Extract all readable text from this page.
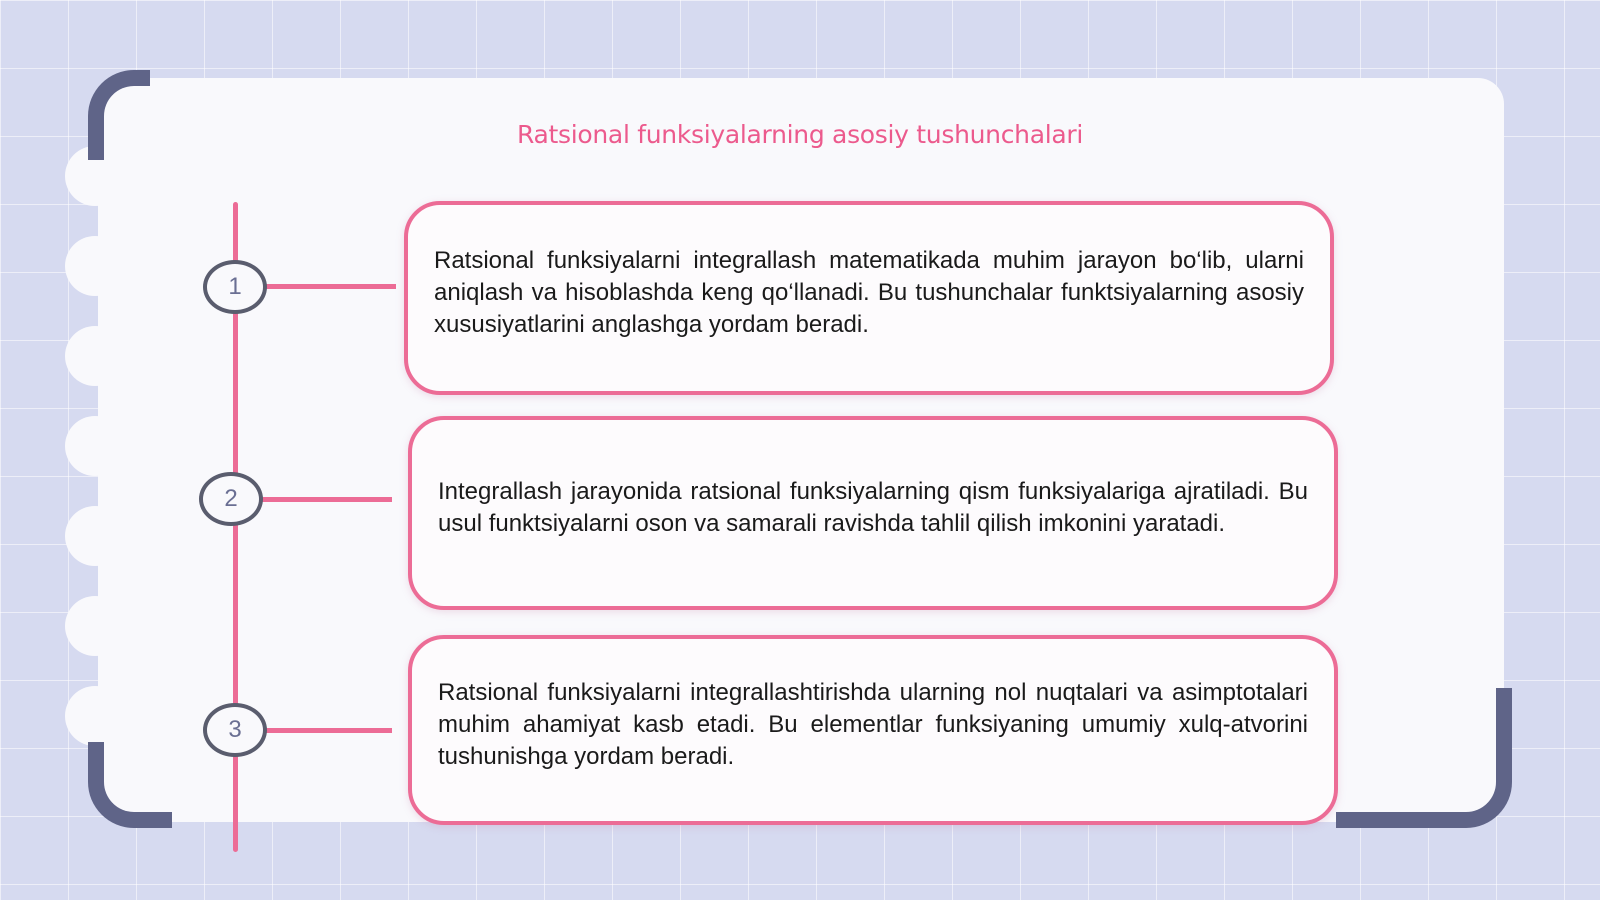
Ratsional funksiyalarning asosiy tushunchalari
1
Ratsional funksiyalarni integrallash matematikada muhim jarayon bo‘lib, ularni aniqlash va hisoblashda keng qo‘llanadi. Bu tushunchalar funktsiyalarning asosiy xususiyatlarini anglashga yordam beradi.
2	Integrallash jarayonida ratsional funksiyalarning qism funksiyalariga ajratiladi. Bu usul funktsiyalarni oson va samarali ravishda tahlil qilish imkonini yaratadi.
3
Ratsional funksiyalarni integrallashtirishda ularning nol nuqtalari va asimptotalari muhim ahamiyat kasb etadi. Bu elementlar funksiyaning umumiy xulq-atvorini tushunishga yordam beradi.
